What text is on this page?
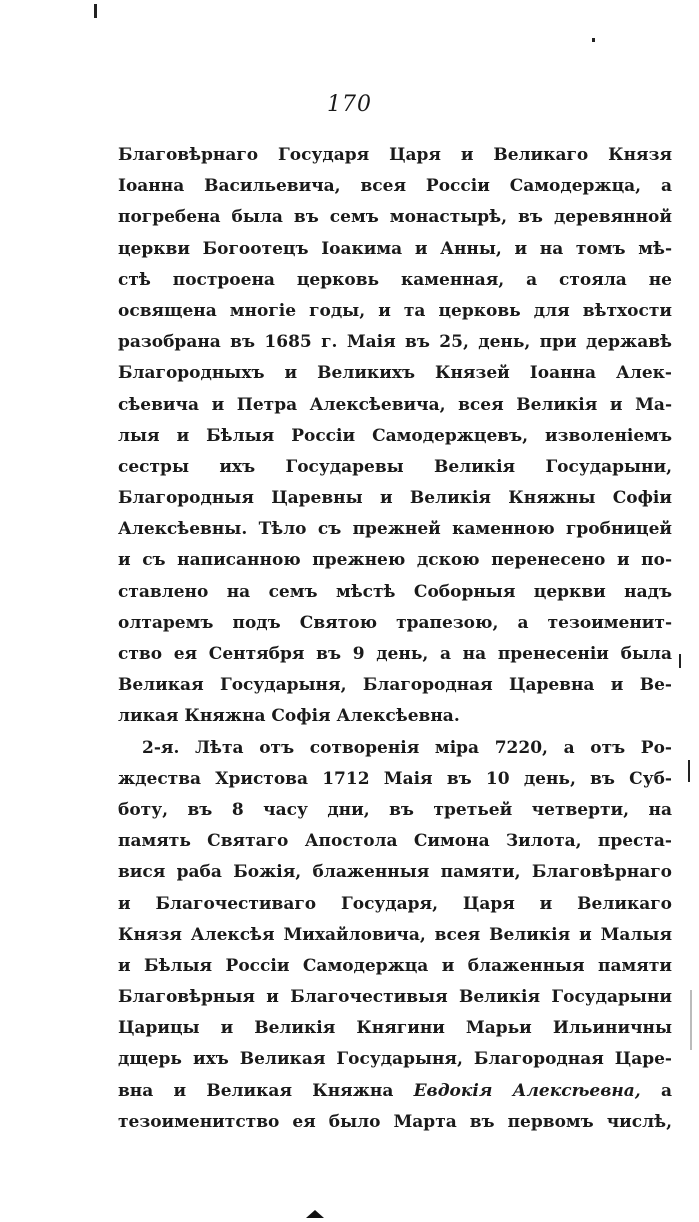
170
Благовѣрнаго Государя Царя и Великаго Князя
Іоанна Васильевича, всея Россіи Самодержца, а
погребена была въ семъ монастырѣ, въ деревянной
церкви Богоотецъ Іоакима и Анны, и на томъ мѣ-
стѣ построена церковь каменная, а стояла не
освящена многіе годы, и та церковь для вѣтхости
разобрана въ 1685 г. Маія въ 25, день, при державѣ
Благородныхъ и Великихъ Князей Іоанна Алек-
сѣевича и Петра Алексѣевича, всея Великія и Ма-
лыя и Бѣлыя Россіи Самодержцевъ, изволеніемъ
сестры ихъ Государевы Великія Государыни,
Благородныя Царевны и Великія Княжны Софіи
Алексѣевны. Тѣло съ прежней каменною гробницей
и съ написанною прежнею дскою перенесено и по-
ставлено на семъ мѣстѣ Соборныя церкви надъ
олтаремъ подъ Святою трапезою, а тезоименит-
ство ея Сентября въ 9 день, а на пренесеніи была
Великая Государыня, Благородная Царевна и Ве-
ликая Княжна Софія Алексѣевна.
2-я. Лѣта отъ сотворенія міра 7220, а отъ Ро-
ждества Христова 1712 Маія въ 10 день, въ Суб-
боту, въ 8 часу дни, въ третьей четверти, на
память Святаго Апостола Симона Зилота, преста-
вися раба Божія, блаженныя памяти, Благовѣрнаго
и Благочестиваго Государя, Царя и Великаго
Князя Алексѣя Михайловича, всея Великія и Малыя
и Бѣлыя Россіи Самодержца и блаженныя памяти
Благовѣрныя и Благочестивыя Великія Государыни
Царицы и Великія Княгини Марьи Ильиничны
дщерь ихъ Великая Государыня, Благородная Царе-
вна и Великая Княжна Евдокія Алексѣевна, а
тезоименитство ея было Марта въ первомъ числѣ,
